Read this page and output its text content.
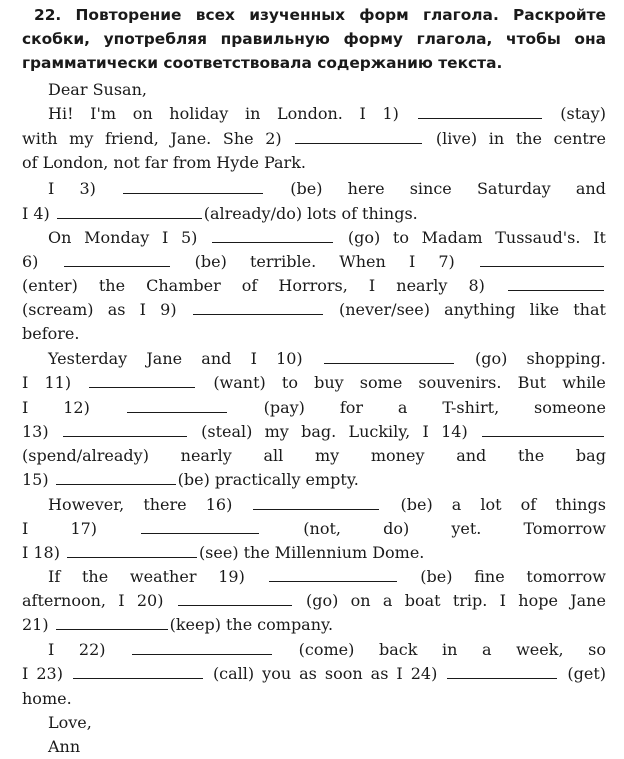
22. Повторение всех изученных форм глагола. Раскройте скобки, употребляя правильную форму глагола, чтобы она грамматически соответствовала содержанию текста.
Dear Susan,
Hi! I'm on holiday in London. I 1)	(stay)
with my friend, Jane. She 2)	(live) in the centre
of London, not far from Hyde Park.
I 3)	(be) here since Saturday and
I 4)	(already/do) lots of things.
On Monday I 5)	(go) to Madam Tussaud's. It
6)	(be) terrible. When I 7)
(enter) the Chamber of Horrors, I nearly 8)
(scream) as I 9)	(never/see) anything like that
before.
Yesterday Jane and I 10)	(go) shopping.
I 11)	(want) to buy some souvenirs. But while
I 12)	(pay) for a T-shirt, someone
13)	(steal) my bag. Luckily, I 14)
(spend/already) nearly all my money and the bag
15)	(be) practically empty.
However, there 16)	(be) a lot of things
I	17)	(not,	do)	yet.	Tomorrow
I 18)	(see) the Millennium Dome.
If the weather 19)	(be) fine tomorrow
afternoon, I 20)	(go) on a boat trip. I hope Jane
21)	(keep) the company.
I 22)	(come) back in a week, so
I 23)	(call) you as soon as I 24)	(get)
home.
Love,
Ann
